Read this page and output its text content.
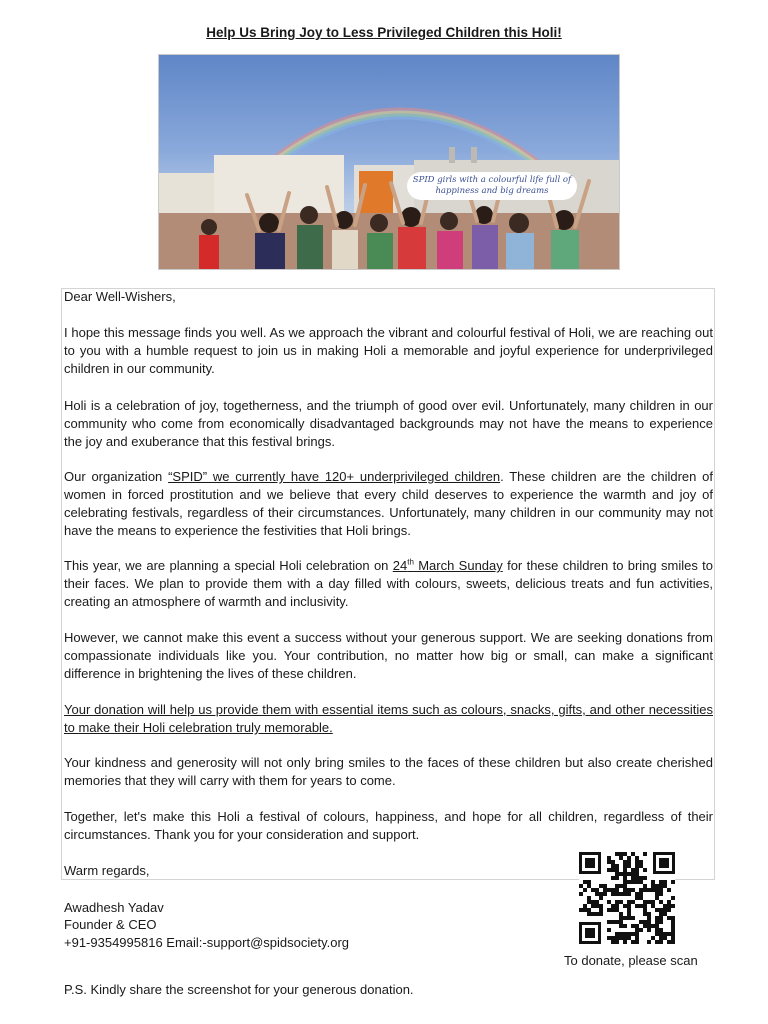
Help Us Bring Joy to Less Privileged Children this Holi!
SPID girls with a colourful life full of happiness and big dreams
Dear Well-Wishers,
I hope this message finds you well. As we approach the vibrant and colourful festival of Holi, we are reaching out to you with a humble request to join us in making Holi a memorable and joyful experience for underprivileged children in our community.
Holi is a celebration of joy, togetherness, and the triumph of good over evil. Unfortunately, many children in our community who come from economically disadvantaged backgrounds may not have the means to experience the joy and exuberance that this festival brings.
Our organization “SPID” we currently have 120+ underprivileged children. These children are the children of women in forced prostitution and we believe that every child deserves to experience the warmth and joy of celebrating festivals, regardless of their circumstances. Unfortunately, many children in our community may not have the means to experience the festivities that Holi brings.
This year, we are planning a special Holi celebration on 24th March Sunday for these children to bring smiles to their faces. We plan to provide them with a day filled with colours, sweets, delicious treats and fun activities, creating an atmosphere of warmth and inclusivity.
However, we cannot make this event a success without your generous support. We are seeking donations from compassionate individuals like you. Your contribution, no matter how big or small, can make a significant difference in brightening the lives of these children.
Your donation will help us provide them with essential items such as colours, snacks, gifts, and other necessities to make their Holi celebration truly memorable.
Your kindness and generosity will not only bring smiles to the faces of these children but also create cherished memories that they will carry with them for years to come.
Together, let's make this Holi a festival of colours, happiness, and hope for all children, regardless of their circumstances. Thank you for your consideration and support.
Warm regards,
Awadhesh Yadav
Founder & CEO
+91-9354995816 Email:-support@spidsociety.org
To donate, please scan
P.S. Kindly share the screenshot for your generous donation.
